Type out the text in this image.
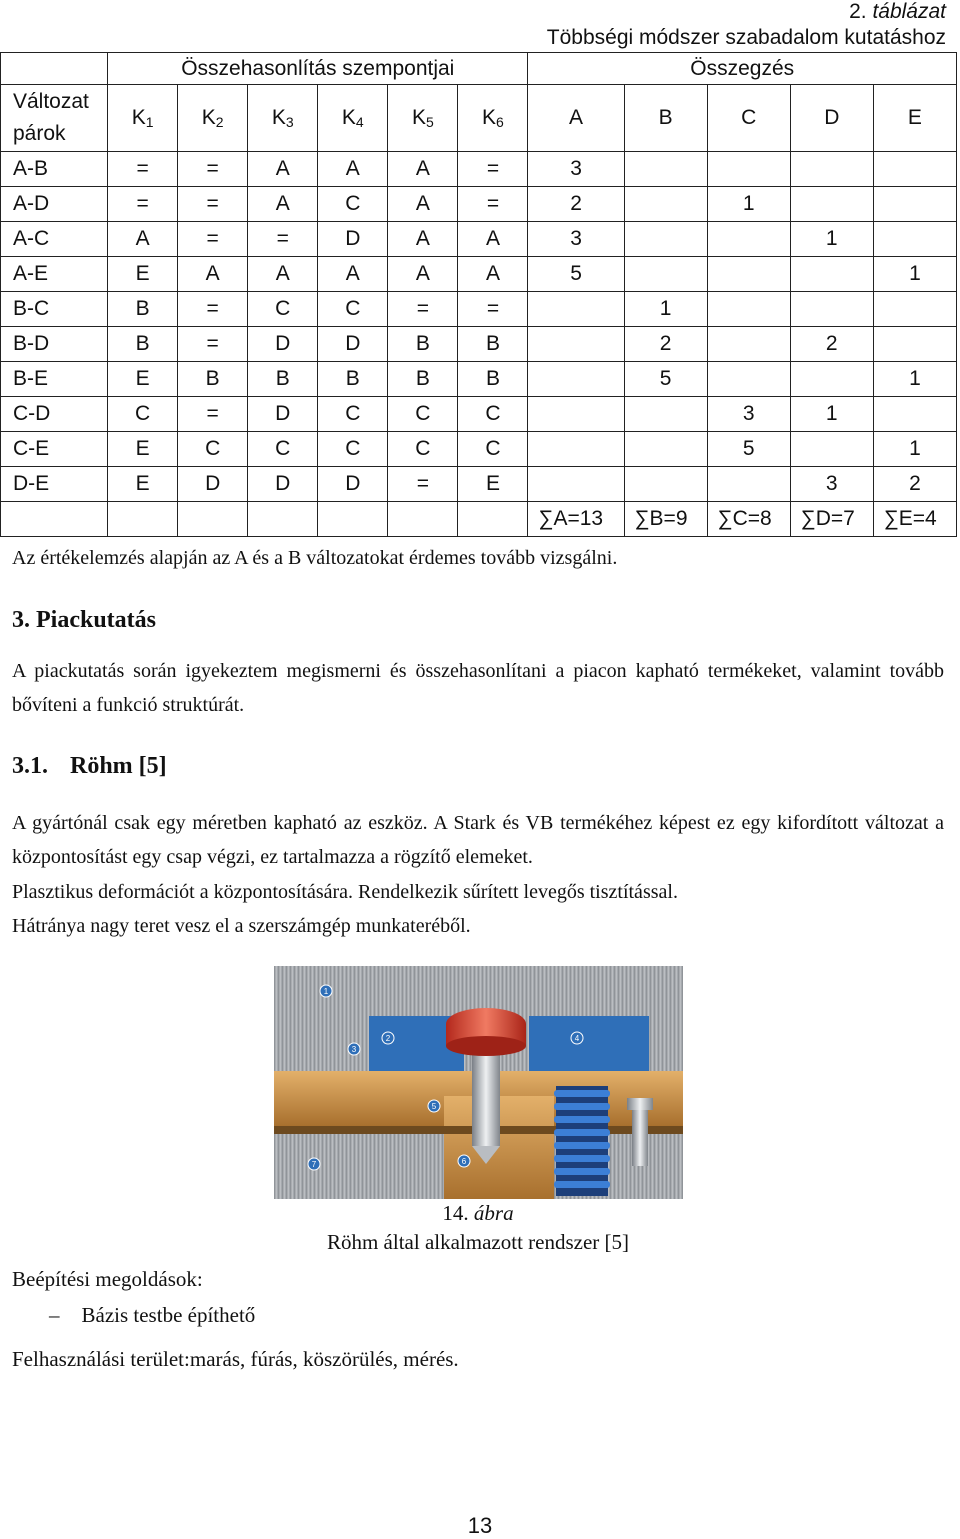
2. táblázat
Többségi módszer szabadalom kutatáshoz
	Összehasonlítás szempontjai						Összegzés				
Változat
párok	$K_1$	$K_2$	$K_3$	$K_4$	$K_5$	$K_6$	A	B	C	D	E
A-B	=	=	A	A	A	=	3				
A-D	=	=	A	C	A	=	2		1		
A-C	A	=	=	D	A	A	3			1	
A-E	E	A	A	A	A	A	5				1
B-C	B	=	C	C	=	=		1			
B-D	B	=	D	D	B	B		2		2	
B-E	E	B	B	B	B	B		5			1
C-D	C	=	D	C	C	C			3	1	
C-E	E	C	C	C	C	C			5		1
D-E	E	D	D	D	=	E				3	2
							∑A=13	∑B=9	∑C=8	∑D=7	∑E=4
Az értékelemzés alapján az A és a B változatokat érdemes tovább vizsgálni.
3. Piackutatás
A piackutatás során igyekeztem megismerni és összehasonlítani a piacon kapható termékeket, valamint tovább bővíteni a funkció struktúrát.
3.1. Röhm [5]
A gyártónál csak egy méretben kapható az eszköz. A Stark és VB termékéhez képest ez egy kifordított változat a központosítást egy csap végzi, ez tartalmazza a rögzítő elemeket.
Plasztikus deformációt a központosítására. Rendelkezik sűrített levegős tisztítással.
Hátránya nagy teret vesz el a szerszámgép munkateréből.
1
2
3
4
5
6
7
14. ábra
Röhm által alkalmazott rendszer [5]
Beépítési megoldások:
– Bázis testbe építhető
Felhasználási terület:marás, fúrás, köszörülés, mérés.
13
